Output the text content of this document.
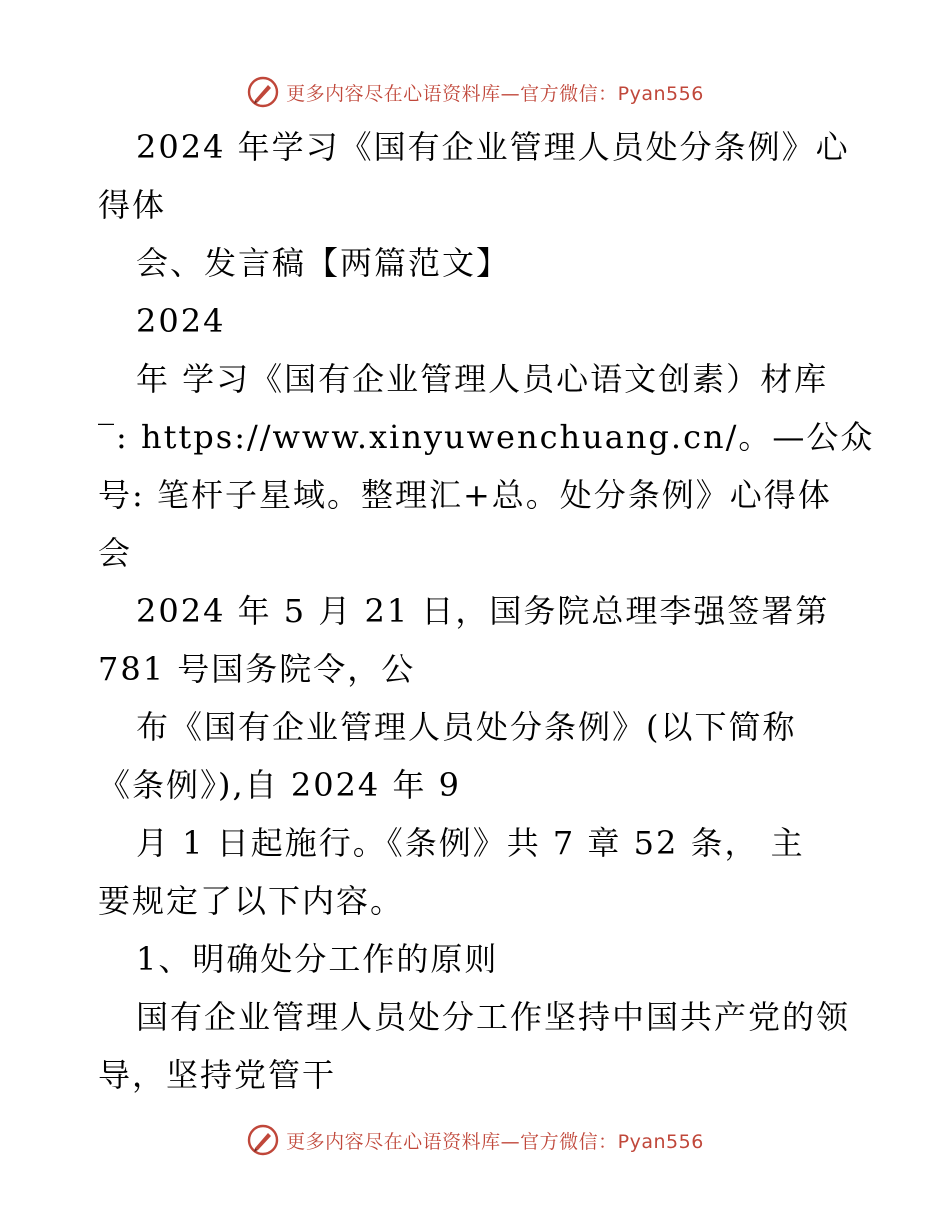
更多内容尽在心语资料库—官方微信：Pyan556
2024 年学习《国有企业管理人员处分条例》心
得体
会、发言稿【两篇范文】
2024
年 学习《国有企业管理人员心语文创素）材库
‾: https://www.xinyuwenchuang.cn/。—公众
号: 笔杆子星域。整理汇+总。处分条例》心得体
会
2024 年 5 月 21 日，国务院总理李强签署第
781 号国务院令，公
布《国有企业管理人员处分条例》(以下简称
《条例》),自 2024 年 9
月 1 日起施行。《条例》共 7 章 52 条， 主
要规定了以下内容。
1、明确处分工作的原则
国有企业管理人员处分工作坚持中国共产党的领
导，坚持党管干
更多内容尽在心语资料库—官方微信：Pyan556
